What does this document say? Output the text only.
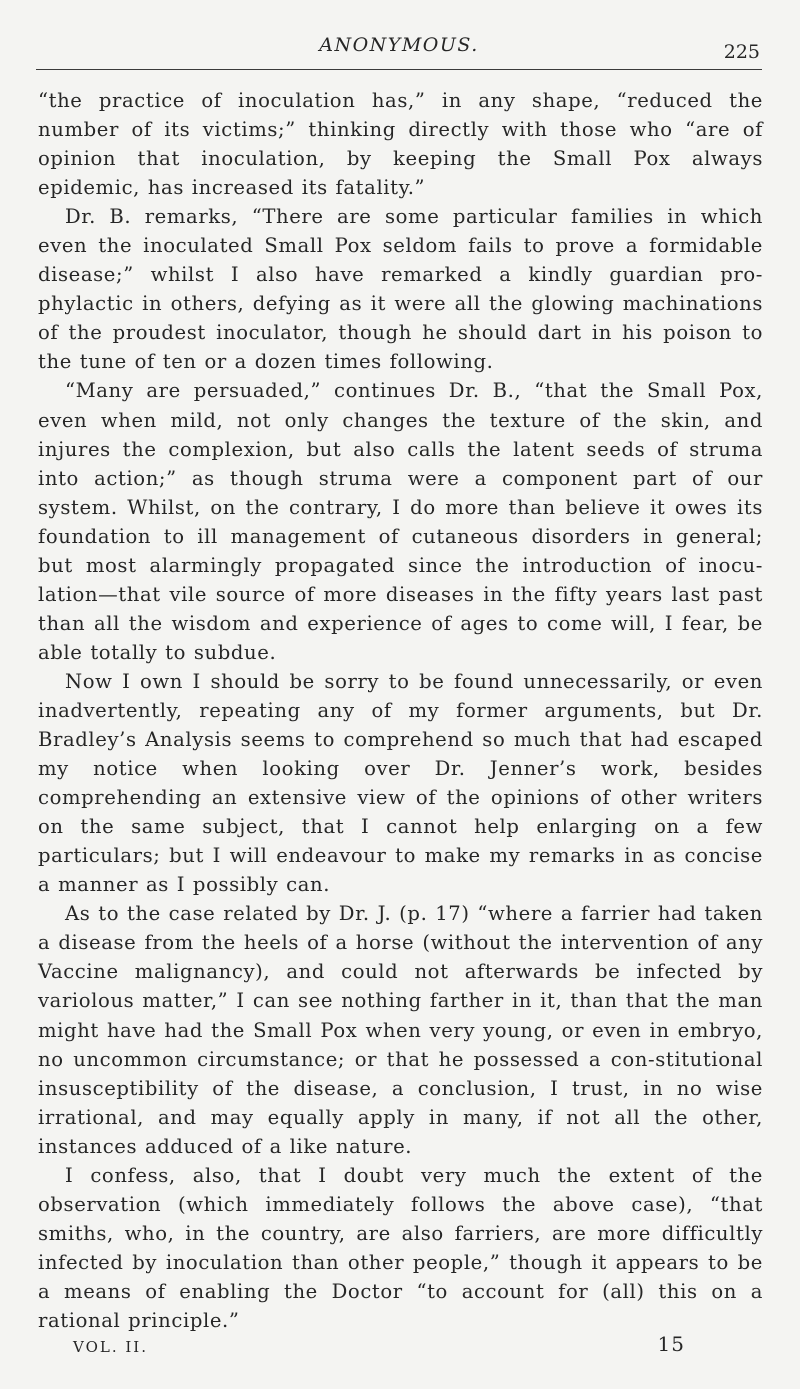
ANONYMOUS.	225

“the practice of inoculation has,” in any shape, “reduced the number of its victims;” thinking directly with those who “are of opinion that inoculation, by keeping the Small Pox always epidemic, has increased its fatality.”

Dr. B. remarks, “There are some particular families in which even the inoculated Small Pox seldom fails to prove a formidable disease;” whilst I also have remarked a kindly guardian pro-phylactic in others, defying as it were all the glowing machinations of the proudest inoculator, though he should dart in his poison to the tune of ten or a dozen times following.

“Many are persuaded,” continues Dr. B., “that the Small Pox, even when mild, not only changes the texture of the skin, and injures the complexion, but also calls the latent seeds of struma into action;” as though struma were a component part of our system. Whilst, on the contrary, I do more than believe it owes its foundation to ill management of cutaneous disorders in general; but most alarmingly propagated since the introduction of inocu-lation—that vile source of more diseases in the fifty years last past than all the wisdom and experience of ages to come will, I fear, be able totally to subdue.

Now I own I should be sorry to be found unnecessarily, or even inadvertently, repeating any of my former arguments, but Dr. Bradley’s Analysis seems to comprehend so much that had escaped my notice when looking over Dr. Jenner’s work, besides comprehending an extensive view of the opinions of other writers on the same subject, that I cannot help enlarging on a few particulars; but I will endeavour to make my remarks in as concise a manner as I possibly can.

As to the case related by Dr. J. (p. 17) “where a farrier had taken a disease from the heels of a horse (without the intervention of any Vaccine malignancy), and could not afterwards be infected by variolous matter,” I can see nothing farther in it, than that the man might have had the Small Pox when very young, or even in embryo, no uncommon circumstance; or that he possessed a con-stitutional insusceptibility of the disease, a conclusion, I trust, in no wise irrational, and may equally apply in many, if not all the other, instances adduced of a like nature.

I confess, also, that I doubt very much the extent of the observation (which immediately follows the above case), “that smiths, who, in the country, are also farriers, are more difficultly infected by inoculation than other people,” though it appears to be a means of enabling the Doctor “to account for (all) this on a rational principle.”

VOL. II.	15
